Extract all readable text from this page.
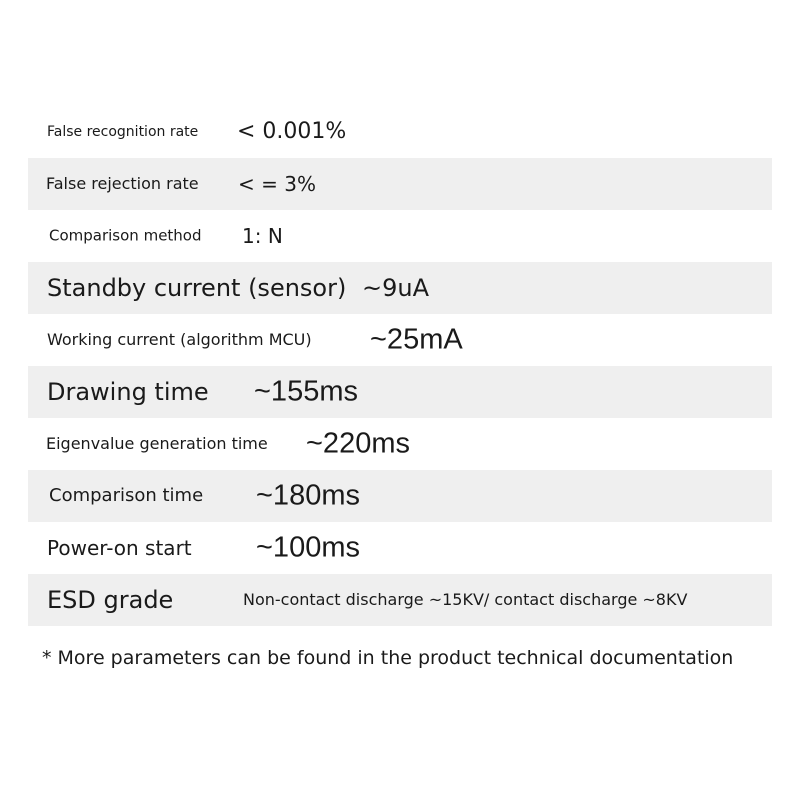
False recognition rate < 0.001%
False rejection rate < = 3%
Comparison method 1: N
Standby current (sensor) ~9uA
Working current (algorithm MCU) ~25mA
Drawing time ~155ms
Eigenvalue generation time ~220ms
Comparison time ~180ms
Power-on start ~100ms
ESD grade	Non-contact discharge ~15KV/ contact discharge ~8KV
* More parameters can be found in the product technical documentation
